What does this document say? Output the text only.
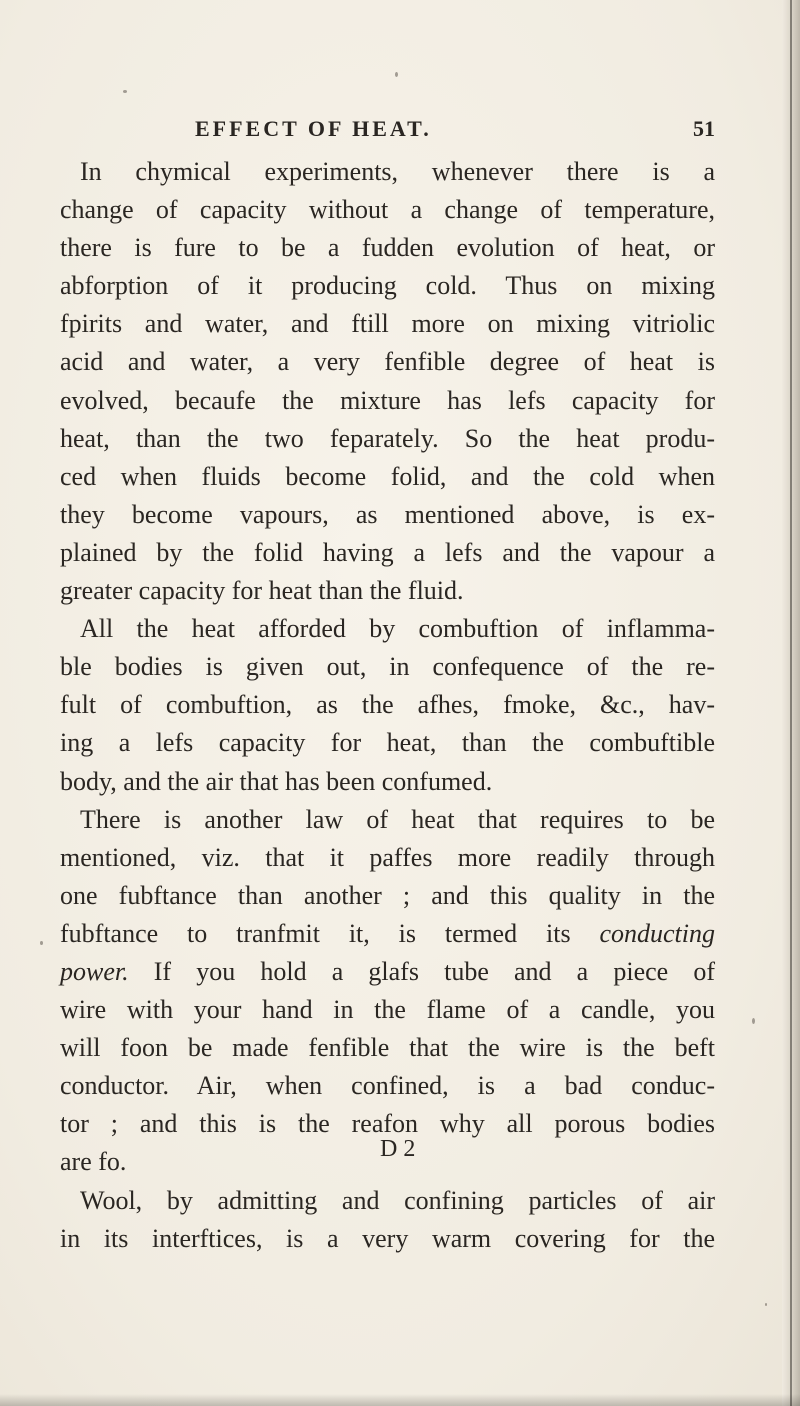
EFFECT OF HEAT.	51
In chymical experiments, whenever there is a
change of capacity without a change of temperature,
there is fure to be a fudden evolution of heat, or
abforption of it producing cold. Thus on mixing
fpirits and water, and ftill more on mixing vitriolic
acid and water, a very fenfible degree of heat is
evolved, becaufe the mixture has lefs capacity for
heat, than the two feparately. So the heat produ-
ced when fluids become folid, and the cold when
they become vapours, as mentioned above, is ex-
plained by the folid having a lefs and the vapour a
greater capacity for heat than the fluid.
All the heat afforded by combuftion of inflamma-
ble bodies is given out, in confequence of the re-
fult of combuftion, as the afhes, fmoke, &c., hav-
ing a lefs capacity for heat, than the combuftible
body, and the air that has been confumed.
There is another law of heat that requires to be
mentioned, viz. that it paffes more readily through
one fubftance than another ; and this quality in the
fubftance to tranfmit it, is termed its conducting
power. If you hold a glafs tube and a piece of
wire with your hand in the flame of a candle, you
will foon be made fenfible that the wire is the beft
conductor. Air, when confined, is a bad conduc-
tor ; and this is the reafon why all porous bodies
are fo.
Wool, by admitting and confining particles of air
in its interftices, is a very warm covering for the
D 2
